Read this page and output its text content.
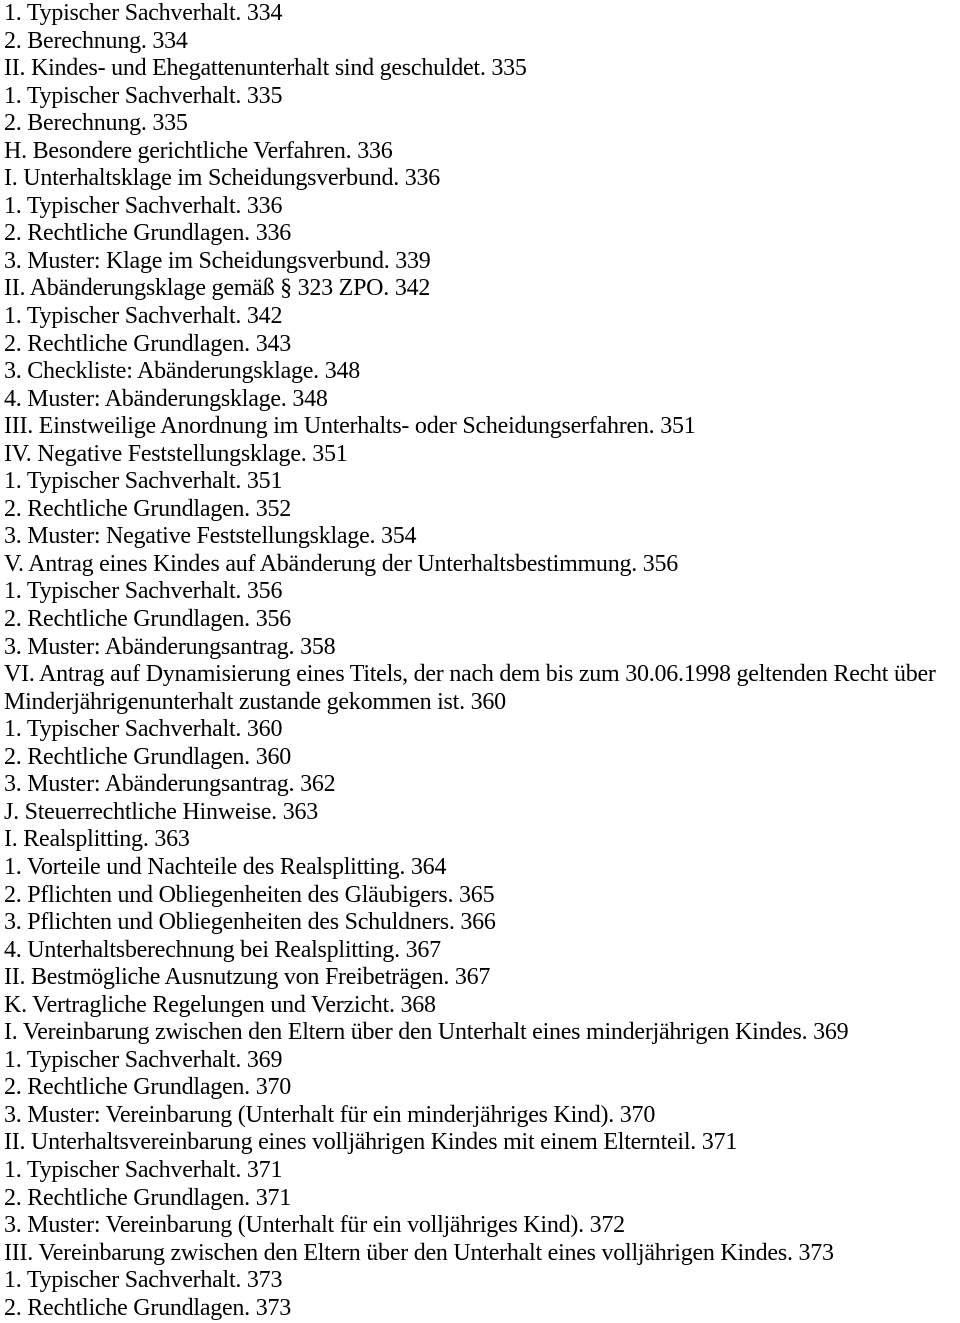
1. Typischer Sachverhalt. 334
2. Berechnung. 334
II. Kindes- und Ehegattenunterhalt sind geschuldet. 335
1. Typischer Sachverhalt. 335
2. Berechnung. 335
H. Besondere gerichtliche Verfahren. 336
I. Unterhaltsklage im Scheidungsverbund. 336
1. Typischer Sachverhalt. 336
2. Rechtliche Grundlagen. 336
3. Muster: Klage im Scheidungsverbund. 339
II. Abänderungsklage gemäß § 323 ZPO. 342
1. Typischer Sachverhalt. 342
2. Rechtliche Grundlagen. 343
3. Checkliste: Abänderungsklage. 348
4. Muster: Abänderungsklage. 348
III. Einstweilige Anordnung im Unterhalts- oder Scheidungserfahren. 351
IV. Negative Feststellungsklage. 351
1. Typischer Sachverhalt. 351
2. Rechtliche Grundlagen. 352
3. Muster: Negative Feststellungsklage. 354
V. Antrag eines Kindes auf Abänderung der Unterhaltsbestimmung. 356
1. Typischer Sachverhalt. 356
2. Rechtliche Grundlagen. 356
3. Muster: Abänderungsantrag. 358
VI. Antrag auf Dynamisierung eines Titels, der nach dem bis zum 30.06.1998 geltenden Recht über
Minderjährigenunterhalt zustande gekommen ist. 360
1. Typischer Sachverhalt. 360
2. Rechtliche Grundlagen. 360
3. Muster: Abänderungsantrag. 362
J. Steuerrechtliche Hinweise. 363
I. Realsplitting. 363
1. Vorteile und Nachteile des Realsplitting. 364
2. Pflichten und Obliegenheiten des Gläubigers. 365
3. Pflichten und Obliegenheiten des Schuldners. 366
4. Unterhaltsberechnung bei Realsplitting. 367
II. Bestmögliche Ausnutzung von Freibeträgen. 367
K. Vertragliche Regelungen und Verzicht. 368
I. Vereinbarung zwischen den Eltern über den Unterhalt eines minderjährigen Kindes. 369
1. Typischer Sachverhalt. 369
2. Rechtliche Grundlagen. 370
3. Muster: Vereinbarung (Unterhalt für ein minderjähriges Kind). 370
II. Unterhaltsvereinbarung eines volljährigen Kindes mit einem Elternteil. 371
1. Typischer Sachverhalt. 371
2. Rechtliche Grundlagen. 371
3. Muster: Vereinbarung (Unterhalt für ein volljähriges Kind). 372
III. Vereinbarung zwischen den Eltern über den Unterhalt eines volljährigen Kindes. 373
1. Typischer Sachverhalt. 373
2. Rechtliche Grundlagen. 373
